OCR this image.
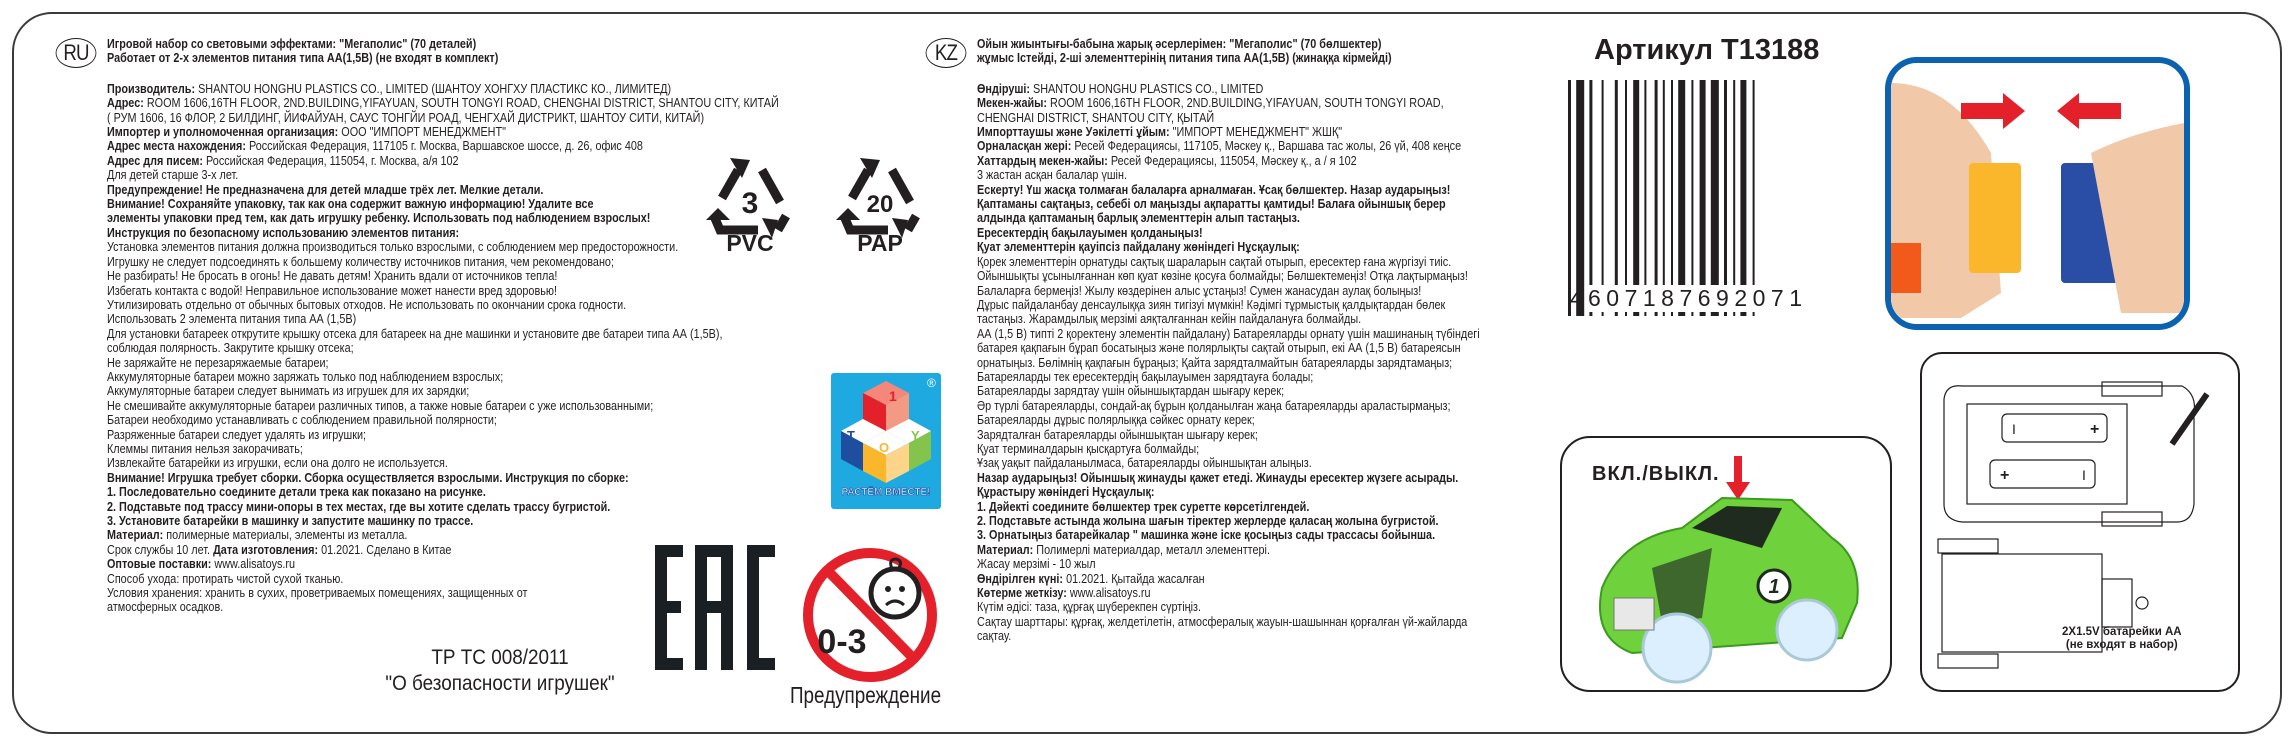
RU	Игровой набор со световыми эффектами: "Мегаполис" (70 деталей)
Работает от 2-х элементов питания типа АА(1,5В) (не входят в комплект)
Производитель: SHANTOU HONGHU PLASTICS CO., LIMITED (ШАНТОУ ХОНГХУ ПЛАСТИКС КО., ЛИМИТЕД)
Адрес: ROOM 1606,16TH FLOOR, 2ND.BUILDING,YIFAYUAN, SOUTH TONGYI ROAD, CHENGHAI DISTRICT, SHANTOU CITY, КИТАЙ
( РУМ 1606, 16 ФЛОР, 2 БИЛДИНГ, ЙИФАЙУАН, САУС ТОНГЙИ РОАД, ЧЕНГХАЙ ДИСТРИКТ, ШАНТОУ СИТИ, КИТАЙ)
Импортер и уполномоченная организация: ООО "ИМПОРТ МЕНЕДЖМЕНТ"
Адрес места нахождения: Российская Федерация, 117105 г. Москва, Варшавское шоссе, д. 26, офис 408
Адрес для писем: Российская Федерация, 115054, г. Москва, а/я 102
Для детей старше 3-х лет.
Предупреждение! Не предназначена для детей младше трёх лет. Мелкие детали.
Внимание! Сохраняйте упаковку, так как она содержит важную информацию! Удалите все
элементы упаковки пред тем, как дать игрушку ребенку. Использовать под наблюдением взрослых!
Инструкция по безопасному использованию элементов питания:
Установка элементов питания должна производиться только взрослыми, с соблюдением мер предосторожности.
Игрушку не следует подсоединять к большему количеству источников питания, чем рекомендовано;
Не разбирать! Не бросать в огонь! Не давать детям! Хранить вдали от источников тепла!
Избегать контакта с водой! Неправильное использование может нанести вред здоровью!
Утилизировать отдельно от обычных бытовых отходов. Не использовать по окончании срока годности.
Использовать 2 элемента питания типа АА (1,5В)
Для установки батареек открутите крышку отсека для батареек на дне машинки и установите две батареи типа АА (1,5В),
соблюдая полярность. Закрутите крышку отсека;
Не заряжайте не перезаряжаемые батареи;
Аккумуляторные батареи можно заряжать только под наблюдением взрослых;
Аккумуляторные батареи следует вынимать из игрушек для их зарядки;
Не смешивайте аккумуляторные батареи различных типов, а также новые батареи с уже использованными;
Батареи необходимо устанавливать с соблюдением правильной полярности;
Разряженные батареи следует удалять из игрушки;
Клеммы питания нельзя закорачивать;
Извлекайте батарейки из игрушки, если она долго не используется.
Внимание! Игрушка требует сборки. Сборка осуществляется взрослыми. Инструкция по сборке:
1. Последовательно соедините детали трека как показано на рисунке.
2. Подставьте под трассу мини-опоры в тех местах, где вы хотите сделать трассу бугристой.
3. Установите батарейки в машинку и запустите машинку по трассе.
Материал: полимерные материалы, элементы из металла.
Срок службы 10 лет. Дата изготовления: 01.2021. Сделано в Китае
Оптовые поставки: www.alisatoys.ru
Способ ухода: протирать чистой сухой тканью.
Условия хранения: хранить в сухих, проветриваемых помещениях, защищенных от
атмосферных осадков.
3
PVC
20
PAP
1
T
O
Y
РАСТЁМ ВМЕСТЕ!
®
0-3
Предупреждение
ТР ТС 008/2011
"О безопасности игрушек"
KZ	Ойын жиынтығы-бабына жарық әсерлерімен: "Мегаполис" (70 бөлшектер)
жұмыс Істейді, 2-ші элементтерінің питания типа АА(1,5В) (жинаққа кірмейді)
Өндіруші: SHANTOU HONGHU PLASTICS CO., LIMITED
Мекен-жайы: ROOM 1606,16TH FLOOR, 2ND.BUILDING,YIFAYUAN, SOUTH TONGYI ROAD,
CHENGHAI DISTRICT, SHANTOU CITY, ҚЫТАЙ
Импорттаушы және Уәкілетті ұйым: "ИМПОРТ МЕНЕДЖМЕНТ" ЖШҚ"
Орналасқан жері: Ресей Федерациясы, 117105, Мәскеу қ., Варшава тас жолы, 26 үй, 408 кеңсе
Хаттардың мекен-жайы: Ресей Федерациясы, 115054, Мәскеу қ., а / я 102
3 жастан асқан балалар үшін.
Ескерту! Үш жасқа толмаған балаларға арналмаған. Ұсақ бөлшектер. Назар аударыңыз!
Қаптаманы сақтаңыз, себебі ол маңызды ақпаратты қамтиды! Балаға ойыншық берер
алдында қаптаманың барлық элементтерін алып тастаңыз.
Ересектердің бақылауымен қолданыңыз!
Қуат элементтерін қауіпсіз пайдалану жөніндегі Нұсқаулық:
Қорек элементтерін орнатуды сақтық шараларын сақтай отырып, ересектер ғана жүргізуі тиіс.
Ойыншықты ұсынылғаннан көп қуат көзіне қосуға болмайды; Бөлшектемеңіз! Отқа лақтырмаңыз!
Балаларға бермеңіз! Жылу көздерінен алыс ұстаңыз! Сумен жанасудан аулақ болыңыз!
Дұрыс пайдаланбау денсаулыққа зиян тигізуі мүмкін! Кәдімгі тұрмыстық қалдықтардан бөлек
тастаңыз. Жарамдылық мерзімі аяқталғаннан кейін пайдалануға болмайды.
АА (1,5 В) типті 2 қоректену элементін пайдалану) Батареяларды орнату үшін машинаның түбіндегі
батарея қақпағын бұрап босатыңыз және полярлықты сақтай отырып, екі АА (1,5 В) батареясын
орнатыңыз. Бөлімнің қақпағын бұраңыз; Қайта зарядталмайтын батареяларды зарядтамаңыз;
Батареяларды тек ересектердің бақылауымен зарядтауға болады;
Батареяларды зарядтау үшін ойыншықтардан шығару керек;
Әр түрлі батареяларды, сондай-ақ бұрын қолданылған жаңа батареяларды араластырмаңыз;
Батареяларды дұрыс полярлыққа сәйкес орнату керек;
Зарядталған батареяларды ойыншықтан шығару керек;
Қуат терминалдарын қысқартуға болмайды;
Ұзақ уақыт пайдаланылмаса, батареяларды ойыншықтан алыңыз.
Назар аударыңыз! Ойыншық жинауды қажет етеді. Жинауды ересектер жүзеге асырады.
Құрастыру жөніндегі Нұсқаулық:
1. Дәйекті соедините бөлшектер трек суретте көрсетілгендей.
2. Подставьте астында жолына шағын тіректер жерлерде қаласаң жолына бугристой.
3. Орнатыңыз батарейкалар " машинка және іске қосыңыз сады трассасы бойынша.
Материал: Полимерлі материалдар, металл элементтері.
Жасау мерзімі - 10 жыл
Өндірілген күні: 01.2021. Қытайда жасалған
Көтерме жеткізу: www.alisatoys.ru
Күтім әдісі: таза, құрғақ шүберекпен сүртіңіз.
Сақтау шарттары: құрғақ, желдетілетін, атмосфералық жауын-шашыннан қорғалған үй-жайларда
сақтау.
Артикул Т13188
4 607187692071
ВКЛ./ВЫКЛ.
1
I	+
+	I
2X1.5V батарейки АА
(не входят в набор)
